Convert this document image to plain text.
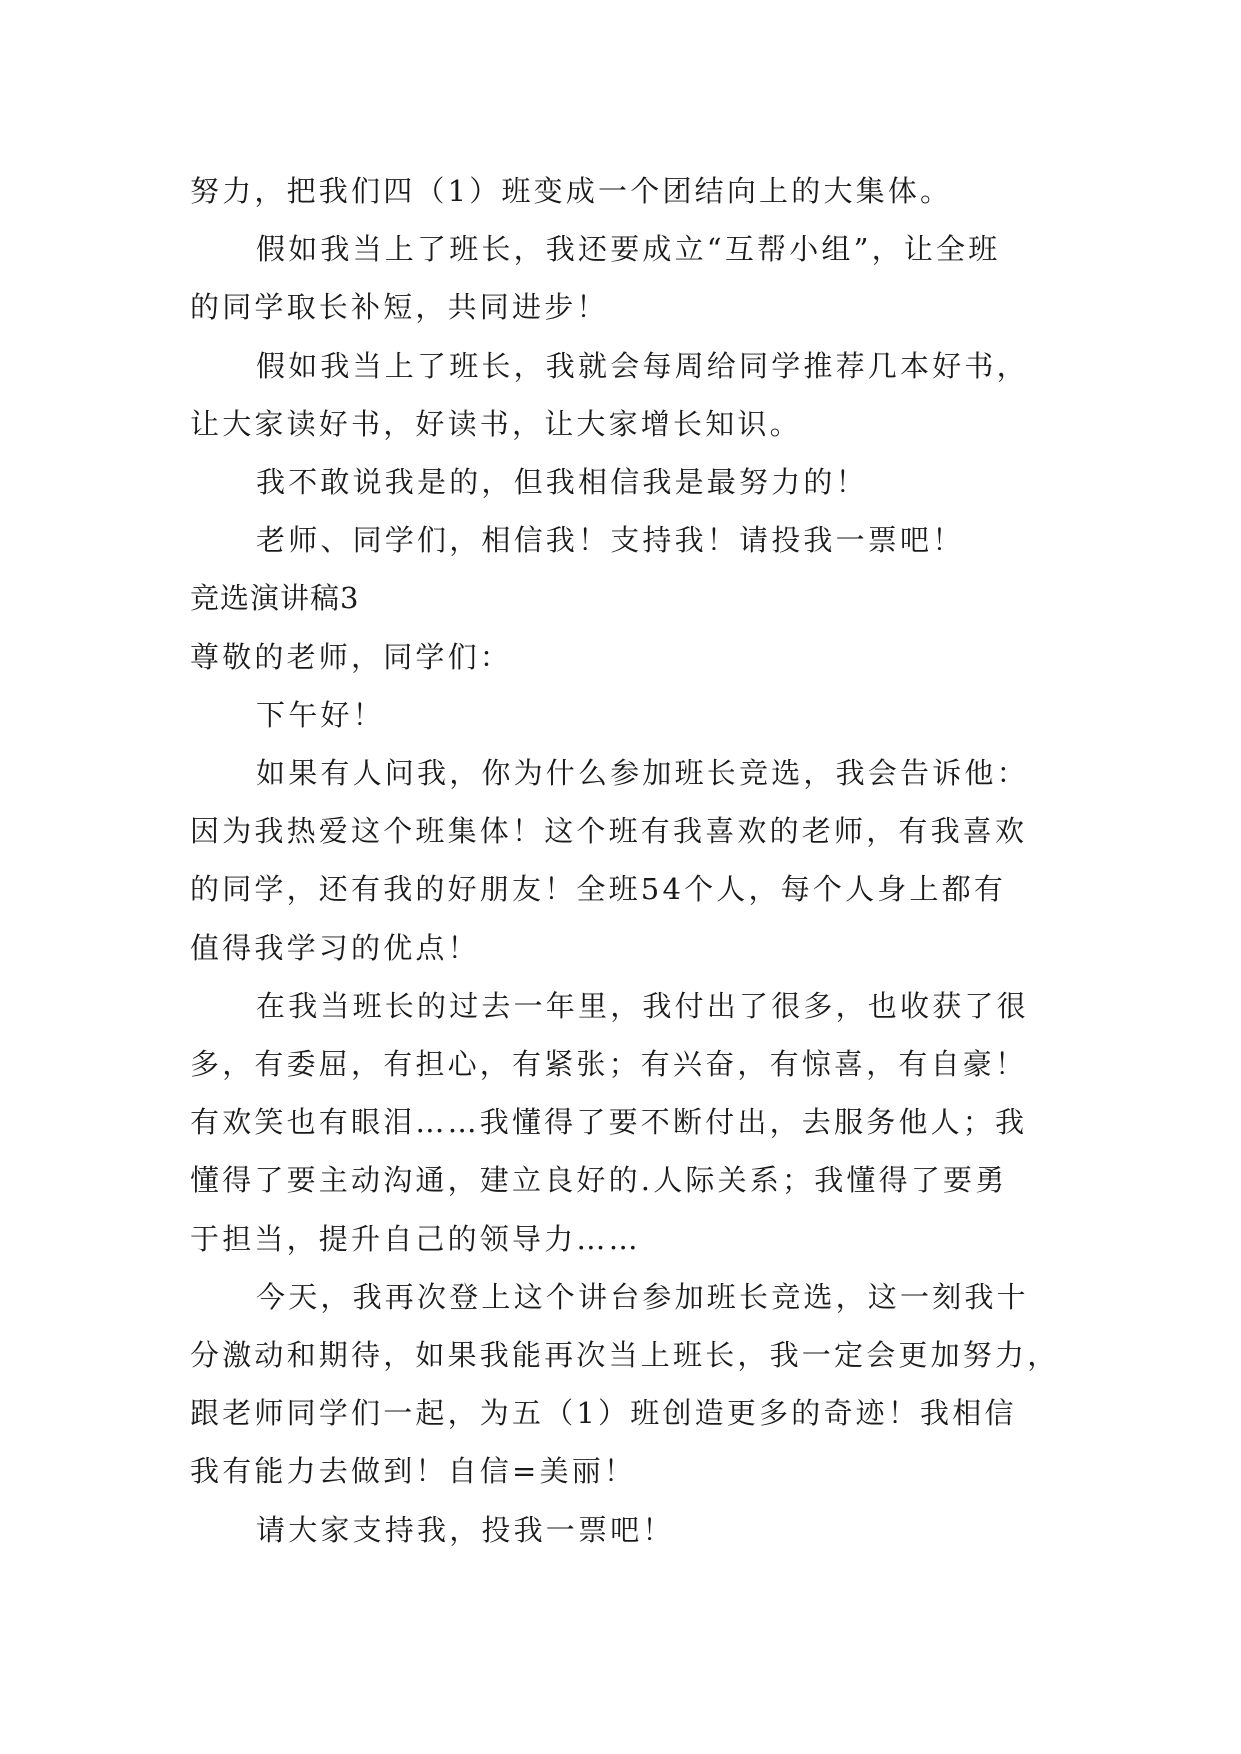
努力，把我们四（1）班变成一个团结向上的大集体。

假如我当上了班长，我还要成立“互帮小组”，让全班

的同学取长补短，共同进步！

假如我当上了班长，我就会每周给同学推荐几本好书，

让大家读好书，好读书，让大家增长知识。

我不敢说我是的，但我相信我是最努力的！

老师、同学们，相信我！支持我！请投我一票吧！

竞选演讲稿3

尊敬的老师，同学们：

下午好！

如果有人问我，你为什么参加班长竞选，我会告诉他：

因为我热爱这个班集体！这个班有我喜欢的老师，有我喜欢

的同学，还有我的好朋友！全班54个人，每个人身上都有

值得我学习的优点！

在我当班长的过去一年里，我付出了很多，也收获了很

多，有委屈，有担心，有紧张；有兴奋，有惊喜，有自豪！

有欢笑也有眼泪……我懂得了要不断付出，去服务他人；我

懂得了要主动沟通，建立良好的.人际关系；我懂得了要勇

于担当，提升自己的领导力……

今天，我再次登上这个讲台参加班长竞选，这一刻我十

分激动和期待，如果我能再次当上班长，我一定会更加努力，

跟老师同学们一起，为五（1）班创造更多的奇迹！我相信

我有能力去做到！自信=美丽！

请大家支持我，投我一票吧！
